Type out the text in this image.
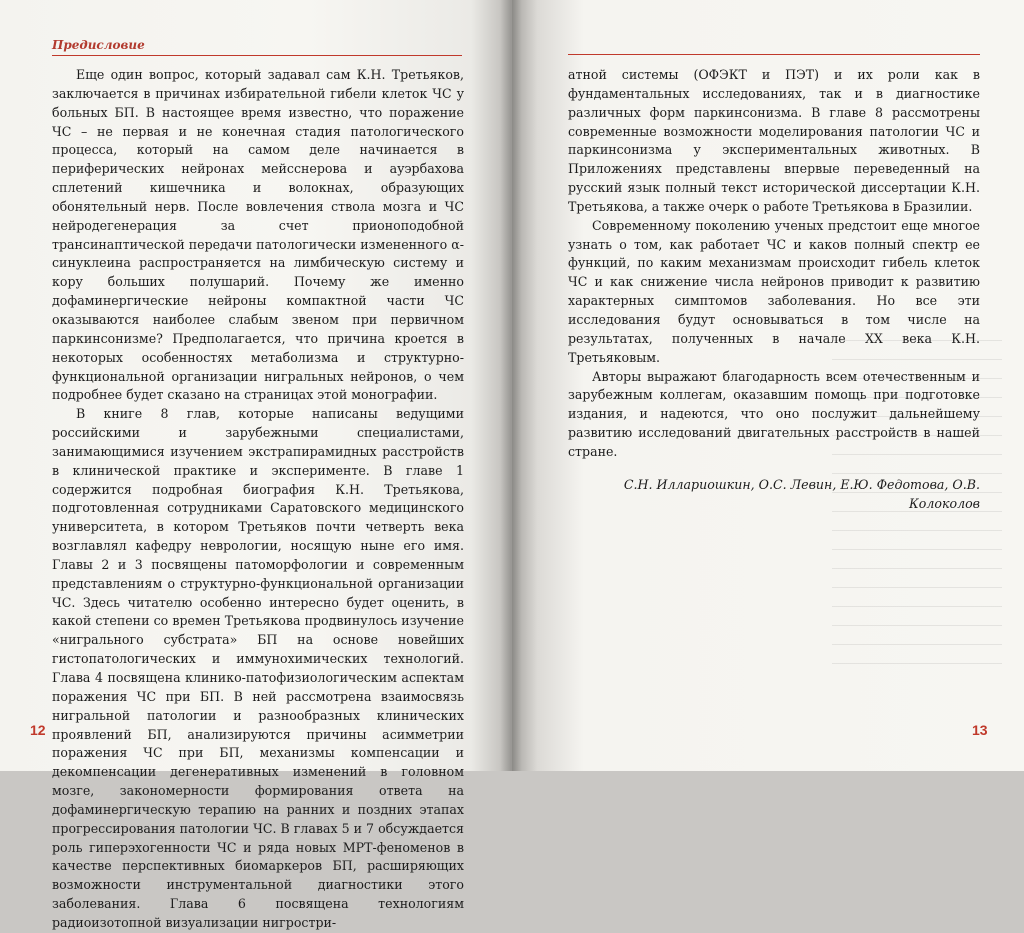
Предисловие

Еще один вопрос, который задавал сам К.Н. Третьяков, заключается в причинах избирательной гибели клеток ЧС у больных БП. В настоящее время известно, что поражение ЧС – не первая и не конечная стадия патологического процесса, который на самом деле начинается в периферических нейронах мейсснерова и ауэрбахова сплетений кишечника и волокнах, образующих обонятельный нерв. После вовлечения ствола мозга и ЧС нейродегенерация за счет прионоподобной трансинаптической передачи патологически измененного α-синуклеина распространяется на лимбическую систему и кору больших полушарий. Почему же именно дофаминергические нейроны компактной части ЧС оказываются наиболее слабым звеном при первичном паркинсонизме? Предполагается, что причина кроется в некоторых особенностях метаболизма и структурно-функциональной организации нигральных нейронов, о чем подробнее будет сказано на страницах этой монографии.

В книге 8 глав, которые написаны ведущими российскими и зарубежными специалистами, занимающимися изучением экстрапирамидных расстройств в клинической практике и эксперименте. В главе 1 содержится подробная биография К.Н. Третьякова, подготовленная сотрудниками Саратовского медицинского университета, в котором Третьяков почти четверть века возглавлял кафедру неврологии, носящую ныне его имя. Главы 2 и 3 посвящены патоморфологии и современным представлениям о структурно-функциональной организации ЧС. Здесь читателю особенно интересно будет оценить, в какой степени со времен Третьякова продвинулось изучение «нигрального субстрата» БП на основе новейших гистопатологических и иммунохимических технологий. Глава 4 посвящена клинико-патофизиологическим аспектам поражения ЧС при БП. В ней рассмотрена взаимосвязь нигральной патологии и разнообразных клинических проявлений БП, анализируются причины асимметрии поражения ЧС при БП, механизмы компенсации и декомпенсации дегенеративных изменений в головном мозге, закономерности формирования ответа на дофаминергическую терапию на ранних и поздних этапах прогрессирования патологии ЧС. В главах 5 и 7 обсуждается роль гиперэхогенности ЧС и ряда новых МРТ-феноменов в качестве перспективных биомаркеров БП, расширяющих возможности инструментальной диагностики этого заболевания. Глава 6 посвящена технологиям радиоизотопной визуализации нигростри-

12

атной системы (ОФЭКТ и ПЭТ) и их роли как в фундаментальных исследованиях, так и в диагностике различных форм паркинсонизма. В главе 8 рассмотрены современные возможности моделирования патологии ЧС и паркинсонизма у экспериментальных животных. В Приложениях представлены впервые переведенный на русский язык полный текст исторической диссертации К.Н. Третьякова, а также очерк о работе Третьякова в Бразилии.

Современному поколению ученых предстоит еще многое узнать о том, как работает ЧС и каков полный спектр ее функций, по каким механизмам происходит гибель клеток ЧС и как снижение числа нейронов приводит к развитию характерных симптомов заболевания. Но все эти исследования будут основываться в том числе на результатах, полученных в начале XX века К.Н. Третьяковым.

Авторы выражают благодарность всем отечественным и зарубежным коллегам, оказавшим помощь при подготовке издания, и надеются, что оно послужит дальнейшему развитию исследований двигательных расстройств в нашей стране.

С.Н. Иллариошкин, О.С. Левин, Е.Ю. Федотова, О.В. Колоколов
13
